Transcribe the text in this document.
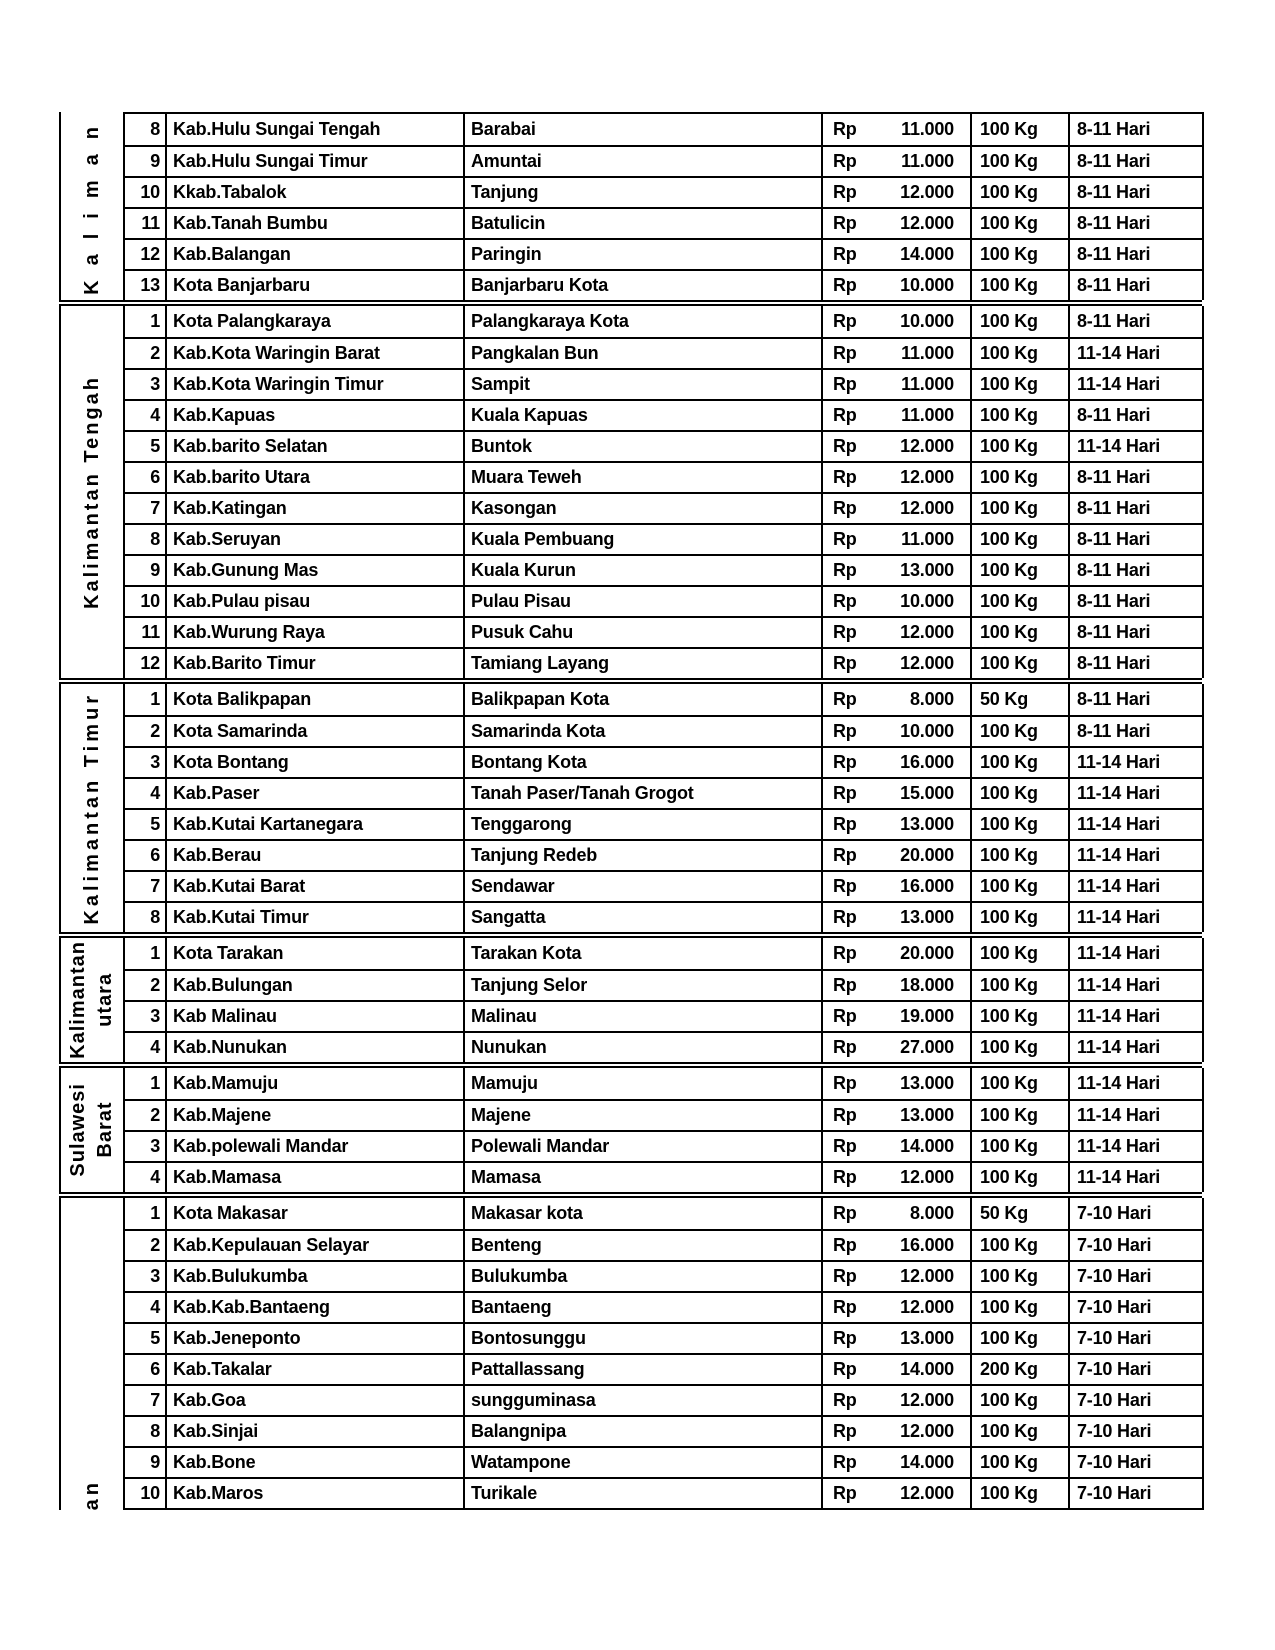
Kaliman	8 Kab.Hulu Sungai Tengah	Barabai	Rp 11.000 100 Kg 8-11 Hari
9 Kab.Hulu Sungai Timur	Amuntai	Rp 11.000 100 Kg 8-11 Hari
10 Kkab.Tabalok	Tanjung	Rp 12.000 100 Kg 8-11 Hari
11 Kab.Tanah Bumbu	Batulicin	Rp 12.000 100 Kg 8-11 Hari
12 Kab.Balangan	Paringin	Rp 14.000 100 Kg 8-11 Hari
13 Kota Banjarbaru	Banjarbaru Kota	Rp 10.000 100 Kg 8-11 Hari
Kalimantan Tengah
1 Kota Palangkaraya	Palangkaraya Kota	Rp 10.000 100 Kg 8-11 Hari
2 Kab.Kota Waringin Barat	Pangkalan Bun	Rp 11.000 100 Kg 11-14 Hari
3 Kab.Kota Waringin Timur	Sampit	Rp 11.000 100 Kg 11-14 Hari
4 Kab.Kapuas	Kuala Kapuas	Rp 11.000 100 Kg 8-11 Hari
5 Kab.barito Selatan	Buntok	Rp 12.000 100 Kg 11-14 Hari
6 Kab.barito Utara	Muara Teweh	Rp 12.000 100 Kg 8-11 Hari
7 Kab.Katingan	Kasongan	Rp 12.000 100 Kg 8-11 Hari
8 Kab.Seruyan	Kuala Pembuang	Rp 11.000 100 Kg 8-11 Hari
9 Kab.Gunung Mas	Kuala Kurun	Rp 13.000 100 Kg 8-11 Hari
10 Kab.Pulau pisau	Pulau Pisau	Rp 10.000 100 Kg 8-11 Hari
11 Kab.Wurung Raya	Pusuk Cahu	Rp 12.000 100 Kg 8-11 Hari
12 Kab.Barito Timur	Tamiang Layang	Rp 12.000 100 Kg 8-11 Hari
Kalimantan Timur	1 Kota Balikpapan	Balikpapan Kota	Rp	8.000 50 Kg	8-11 Hari
2 Kota Samarinda	Samarinda Kota	Rp 10.000 100 Kg 8-11 Hari
3 Kota Bontang	Bontang Kota	Rp 16.000 100 Kg 11-14 Hari
4 Kab.Paser	Tanah Paser/Tanah Grogot	Rp 15.000 100 Kg 11-14 Hari
5 Kab.Kutai Kartanegara	Tenggarong	Rp 13.000 100 Kg 11-14 Hari
6 Kab.Berau	Tanjung Redeb	Rp 20.000 100 Kg 11-14 Hari
7 Kab.Kutai Barat	Sendawar	Rp 16.000 100 Kg 11-14 Hari
8 Kab.Kutai Timur	Sangatta	Rp 13.000 100 Kg 11-14 Hari
Kalimantan utara
1 Kota Tarakan	Tarakan Kota	Rp 20.000 100 Kg 11-14 Hari
2 Kab.Bulungan	Tanjung Selor	Rp 18.000 100 Kg 11-14 Hari
3 Kab Malinau	Malinau	Rp 19.000 100 Kg 11-14 Hari
4 Kab.Nunukan	Nunukan	Rp 27.000 100 Kg 11-14 Hari
Sulawesi Barat
1 Kab.Mamuju	Mamuju	Rp 13.000 100 Kg 11-14 Hari
2 Kab.Majene	Majene	Rp 13.000 100 Kg 11-14 Hari
3 Kab.polewali Mandar	Polewali Mandar	Rp 14.000 100 Kg 11-14 Hari
4 Kab.Mamasa	Mamasa	Rp 12.000 100 Kg 11-14 Hari
an
1 Kota Makasar	Makasar kota	Rp	8.000 50 Kg	7-10 Hari
2 Kab.Kepulauan Selayar	Benteng	Rp 16.000 100 Kg 7-10 Hari
3 Kab.Bulukumba	Bulukumba	Rp 12.000 100 Kg 7-10 Hari
4 Kab.Kab.Bantaeng	Bantaeng	Rp 12.000 100 Kg 7-10 Hari
5 Kab.Jeneponto	Bontosunggu	Rp 13.000 100 Kg 7-10 Hari
6 Kab.Takalar	Pattallassang	Rp 14.000 200 Kg 7-10 Hari
7 Kab.Goa	sungguminasa	Rp 12.000 100 Kg 7-10 Hari
8 Kab.Sinjai	Balangnipa	Rp 12.000 100 Kg 7-10 Hari
9 Kab.Bone	Watampone	Rp 14.000 100 Kg 7-10 Hari
10 Kab.Maros	Turikale	Rp 12.000 100 Kg 7-10 Hari
